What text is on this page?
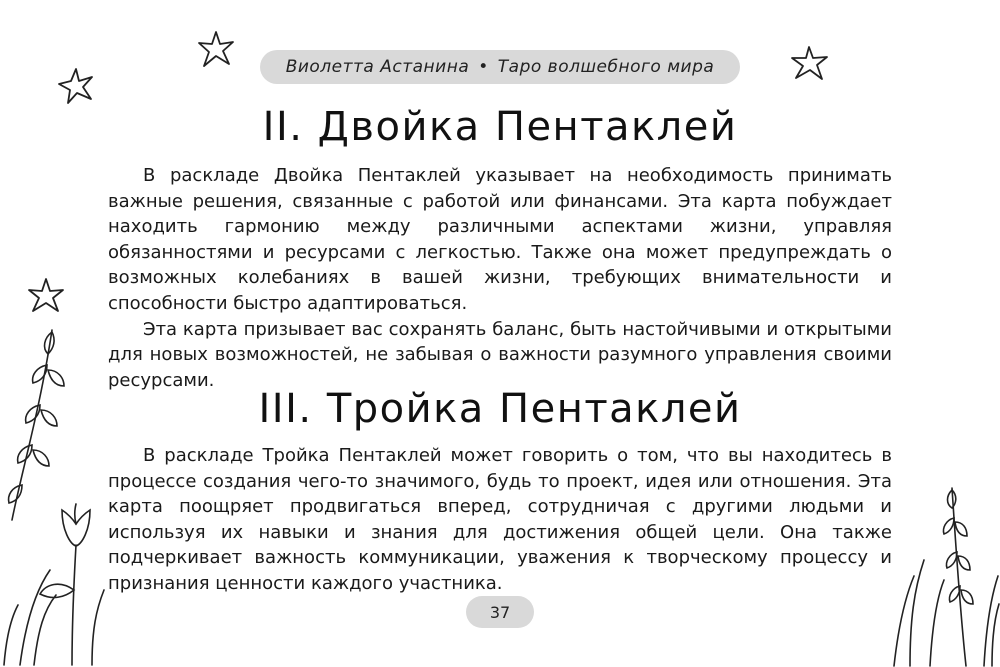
Виолетта Астанина • Таро волшебного мира
II. Двойка Пентаклей

В раскладе Двойка Пентаклей указывает на необходимость принимать важные решения, связанные с работой или финансами. Эта карта побуждает находить гармонию между различными аспектами жизни, управляя обязанностями и ресурсами с легкостью. Также она может предупреждать о возможных колебаниях в вашей жизни, требующих внимательности и способности быстро адаптироваться.

Эта карта призывает вас сохранять баланс, быть настойчивыми и открытыми для новых возможностей, не забывая о важности разумного управления своими ресурсами.

III. Тройка Пентаклей

В раскладе Тройка Пентаклей может говорить о том, что вы находитесь в процессе создания чего-то значимого, будь то проект, идея или отношения. Эта карта поощряет продвигаться вперед, сотрудничая с другими людьми и используя их навыки и знания для достижения общей цели. Она также подчеркивает важность коммуникации, уважения к творческому процессу и признания ценности каждого участника.

37
